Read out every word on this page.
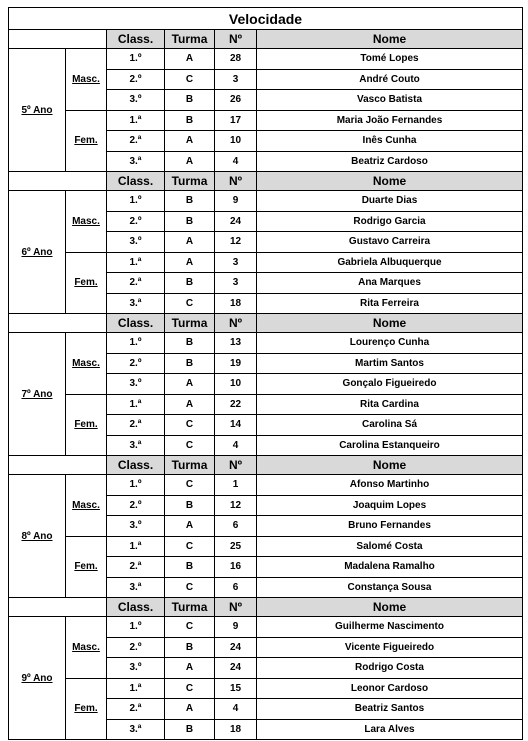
Velocidade					
		Class.	Turma	Nº	Nome
5º Ano	Masc.	1.º	A	28	Tomé Lopes
		2.º	C	3	André Couto
		3.º	B	26	Vasco Batista
	Fem.	1.ª	B	17	Maria João Fernandes
		2.ª	A	10	Inês Cunha
		3.ª	A	4	Beatriz Cardoso
		Class.	Turma	Nº	Nome
6º Ano	Masc.	1.º	B	9	Duarte Dias
		2.º	B	24	Rodrigo Garcia
		3.º	A	12	Gustavo Carreira
	Fem.	1.ª	A	3	Gabriela Albuquerque
		2.ª	B	3	Ana Marques
		3.ª	C	18	Rita Ferreira
		Class.	Turma	Nº	Nome
7º Ano	Masc.	1.º	B	13	Lourenço Cunha
		2.º	B	19	Martim Santos
		3.º	A	10	Gonçalo Figueiredo
	Fem.	1.ª	A	22	Rita Cardina
		2.ª	C	14	Carolina Sá
		3.ª	C	4	Carolina Estanqueiro
		Class.	Turma	Nº	Nome
8º Ano	Masc.	1.º	C	1	Afonso Martinho
		2.º	B	12	Joaquim Lopes
		3.º	A	6	Bruno Fernandes
	Fem.	1.ª	C	25	Salomé Costa
		2.ª	B	16	Madalena Ramalho
		3.ª	C	6	Constança Sousa
		Class.	Turma	Nº	Nome
9º Ano	Masc.	1.º	C	9	Guilherme Nascimento
		2.º	B	24	Vicente Figueiredo
		3.º	A	24	Rodrigo Costa
	Fem.	1.ª	C	15	Leonor Cardoso
		2.ª	A	4	Beatriz Santos
		3.ª	B	18	Lara Alves
